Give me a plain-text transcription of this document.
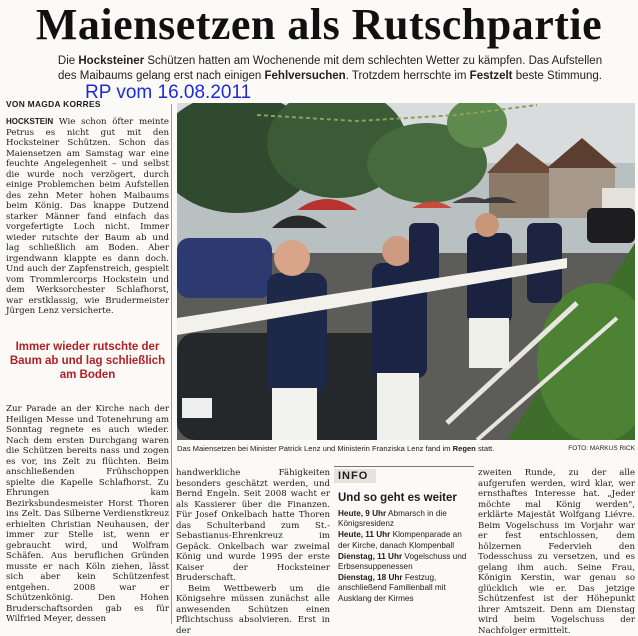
Maiensetzen als Rutschpartie
Die Hocksteiner Schützen hatten am Wochenende mit dem schlechten Wetter zu kämpfen. Das Aufstellen des Maibaums gelang erst nach einigen Fehlversuchen. Trotzdem herrschte im Festzelt beste Stimmung.
VON MAGDA KORRES
RP vom 16.08.2011
HOCKSTEIN Wie schon öfter meinte Petrus es nicht gut mit den Hocksteiner Schützen. Schon das Maiensetzen am Samstag war eine feuchte Angelegenheit – und selbst die wurde noch verzögert, durch einige Problemchen beim Aufstellen des zehn Meter hohen Maibaums beim König. Das knappe Dutzend starker Männer fand einfach das vorgefertigte Loch nicht. Immer wieder rutschte der Baum ab und lag schließlich am Boden. Aber irgendwann klappte es dann doch. Und auch der Zapfenstreich, gespielt vom Trommlercorps Hockstein und dem Werksorchester Schlafhorst, war erstklassig, wie Brudermeister Jürgen Lenz versicherte.
Immer wieder rutschte der Baum ab und lag schließlich am Boden
Zur Parade an der Kirche nach der Heiligen Messe und Totenehrung am Sonntag regnete es auch wieder. Nach dem ersten Durchgang waren die Schützen bereits nass und zogen es vor, ins Zelt zu flüchten. Beim anschließenden Frühschoppen spielte die Kapelle Schlafhorst. Zu Ehrungen kam Bezirksbundesmeister Horst Thoren ins Zelt. Das Silberne Verdienstkreuz erhielten Christian Neuhausen, der immer zur Stelle ist, wenn er gebraucht wird, und Wolfram Schäfen. Aus beruflichen Gründen musste er nach Köln ziehen, lässt sich aber kein Schützenfest entgehen. 2008 war er Schützenkönig. Den Hohen Bruderschaftsorden gab es für Wilfried Meyer, dessen
FOTO: MARKUS RICK
Das Maiensetzen bei Minister Patrick Lenz und Ministerin Franziska Lenz fand im Regen statt.
handwerkliche Fähigkeiten besonders geschätzt werden, und Bernd Engeln. Seit 2008 wacht er als Kassierer über die Finanzen. Für Josef Onkelbach hatte Thoren das Schulterband zum St.-Sebastianus-Ehrenkreuz im Gepäck. Onkelbach war zweimal König und wurde 1995 der erste Kaiser der Hocksteiner Bruderschaft.
Beim Wettbewerb um die Königsehre müssen zunächst alle anwesenden Schützen einen Pflichtschuss absolvieren. Erst in der
INFO
Und so geht es weiter
Heute, 9 Uhr Abmarsch in die Königsresidenz
Heute, 11 Uhr Klompenparade an der Kirche, danach Klompenball
Dienstag, 11 Uhr Vogelschuss und Erbsensuppenessen
Dienstag, 18 Uhr Festzug, anschließend Familienball mit Ausklang der Kirmes
zweiten Runde, zu der alle aufgerufen werden, wird klar, wer ernsthaftes Interesse hat. „Jeder möchte mal König werden", erklärte Majestät Wolfgang Liévre. Beim Vogelschuss im Vorjahr war er fest entschlossen, dem hölzernen Federvieh den Todesschuss zu versetzen, und es gelang ihm auch. Seine Frau, Königin Kerstin, war genau so glücklich wie er. Das jetzige Schützenfest ist der Höhepunkt ihrer Amtszeit. Denn am Dienstag wird beim Vogelschuss der Nachfolger ermittelt.
